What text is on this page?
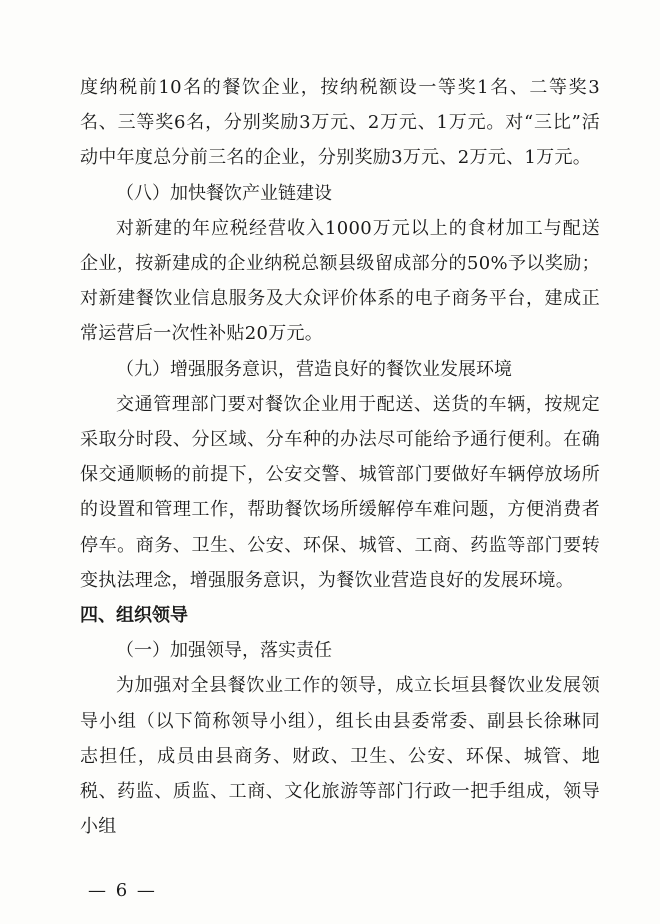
度纳税前10名的餐饮企业，按纳税额设一等奖1名、二等奖3名、三等奖6名，分别奖励3万元、2万元、1万元。对“三比”活动中年度总分前三名的企业，分别奖励3万元、2万元、1万元。

（八）加快餐饮产业链建设

对新建的年应税经营收入1000万元以上的食材加工与配送企业，按新建成的企业纳税总额县级留成部分的50%予以奖励；对新建餐饮业信息服务及大众评价体系的电子商务平台，建成正常运营后一次性补贴20万元。

（九）增强服务意识，营造良好的餐饮业发展环境

交通管理部门要对餐饮企业用于配送、送货的车辆，按规定采取分时段、分区域、分车种的办法尽可能给予通行便利。在确保交通顺畅的前提下，公安交警、城管部门要做好车辆停放场所的设置和管理工作，帮助餐饮场所缓解停车难问题，方便消费者停车。商务、卫生、公安、环保、城管、工商、药监等部门要转变执法理念，增强服务意识，为餐饮业营造良好的发展环境。

四、组织领导

（一）加强领导，落实责任

为加强对全县餐饮业工作的领导，成立长垣县餐饮业发展领导小组（以下简称领导小组），组长由县委常委、副县长徐琳同志担任，成员由县商务、财政、卫生、公安、环保、城管、地税、药监、质监、工商、文化旅游等部门行政一把手组成，领导小组

— 6 —
